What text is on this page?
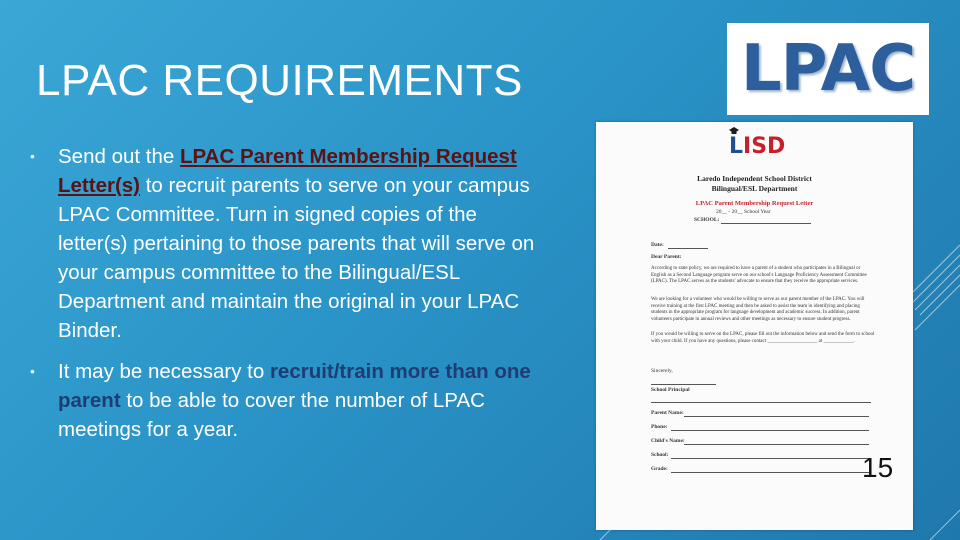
LPAC REQUIREMENTS
• Send out the LPAC Parent Membership Request Letter(s) to recruit parents to serve on your campus LPAC Committee. Turn in signed copies of the letter(s) pertaining to those parents that will serve on your campus committee to the Bilingual/ESL Department and maintain the original in your LPAC Binder.
• It may be necessary to recruit/train more than one parent to be able to cover the number of LPAC meetings for a year.
LPAC
LISD
Laredo Independent School District
Bilingual/ESL Department
LPAC Parent Membership Request Letter
20__ - 20__ School Year
SCHOOL:
Date:
Dear Parent:
According to state policy, we are required to have a parent of a student who participates in a Bilingual or English as a Second Language program serve on our school's Language Proficiency Assessment Committee (LPAC). The LPAC serves as the students' advocate to ensure that they receive the appropriate services.
We are looking for a volunteer who would be willing to serve as our parent member of the LPAC. You will receive training at the first LPAC meeting and then be asked to assist the team in identifying and placing students in the appropriate program for language development and academic success. In addition, parent volunteers participate in annual reviews and other meetings as necessary to ensure student progress.
If you would be willing to serve on the LPAC, please fill out the information below and send the form to school with your child. If you have any questions, please contact ____________________ at ____________.
Sincerely,
School Principal
Parent Name:
Phone:
Child's Name:
School:
Grade:	15
